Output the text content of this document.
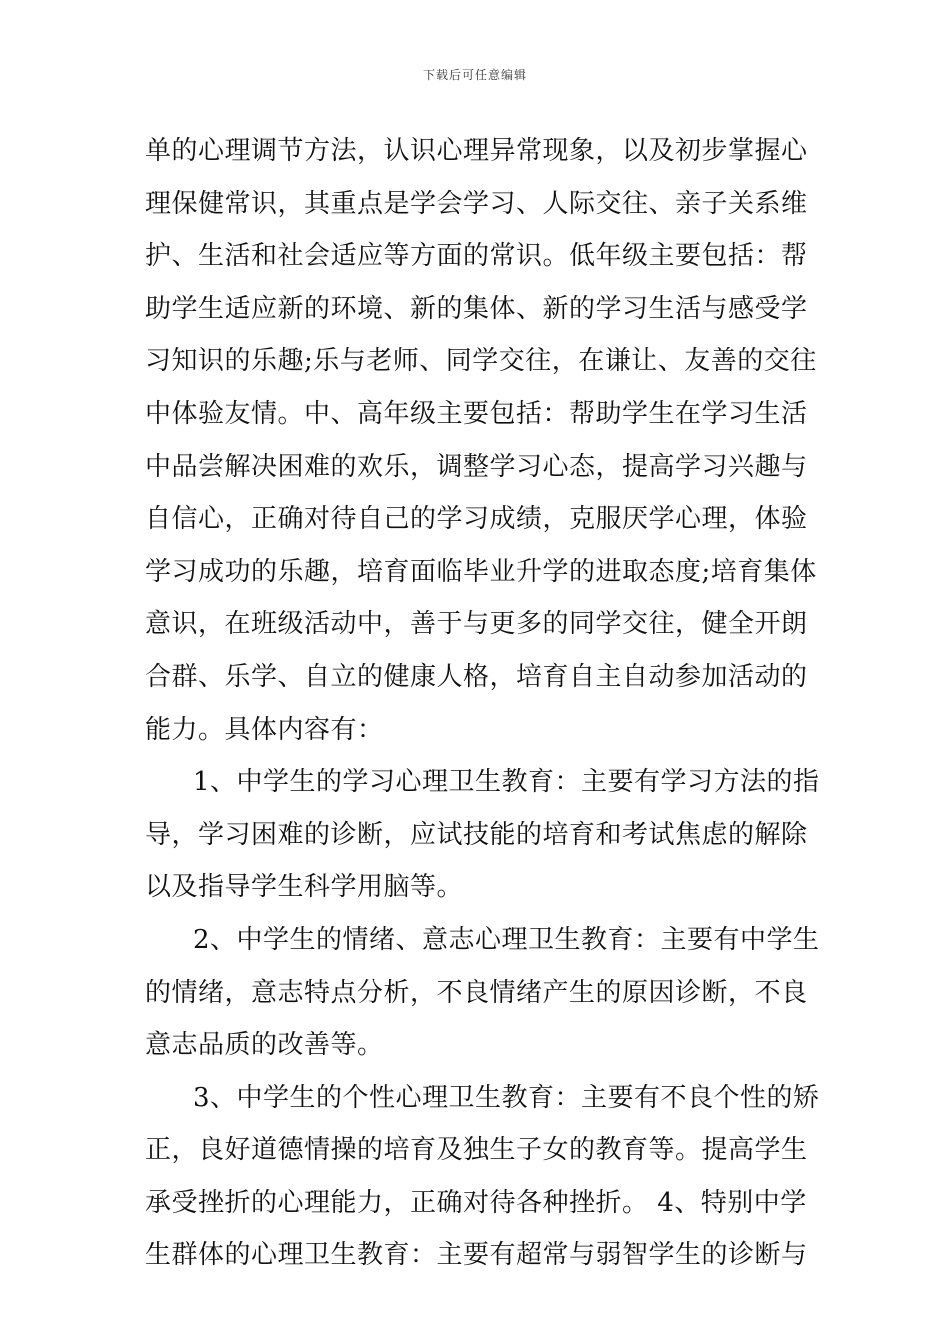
下载后可任意编辑
单的心理调节方法，认识心理异常现象，以及初步掌握心
理保健常识，其重点是学会学习、人际交往、亲子关系维
护、生活和社会适应等方面的常识。低年级主要包括：帮
助学生适应新的环境、新的集体、新的学习生活与感受学
习知识的乐趣;乐与老师、同学交往，在谦让、友善的交往
中体验友情。中、高年级主要包括：帮助学生在学习生活
中品尝解决困难的欢乐，调整学习心态，提高学习兴趣与
自信心，正确对待自己的学习成绩，克服厌学心理，体验
学习成功的乐趣，培育面临毕业升学的进取态度;培育集体
意识，在班级活动中，善于与更多的同学交往，健全开朗
合群、乐学、自立的健康人格，培育自主自动参加活动的
能力。具体内容有：
1、中学生的学习心理卫生教育：主要有学习方法的指
导，学习困难的诊断，应试技能的培育和考试焦虑的解除
以及指导学生科学用脑等。
2、中学生的情绪、意志心理卫生教育：主要有中学生
的情绪，意志特点分析，不良情绪产生的原因诊断，不良
意志品质的改善等。
3、中学生的个性心理卫生教育：主要有不良个性的矫
正，良好道德情操的培育及独生子女的教育等。提高学生
承受挫折的心理能力，正确对待各种挫折。 4、特别中学
生群体的心理卫生教育：主要有超常与弱智学生的诊断与
